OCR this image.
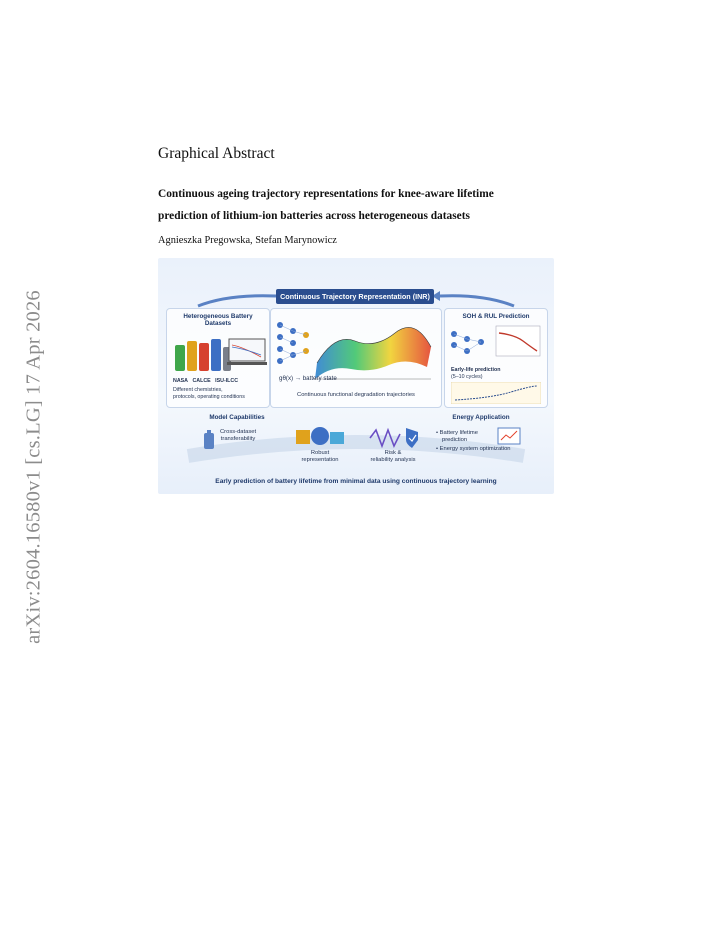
arXiv:2604.16580v1 [cs.LG] 17 Apr 2026
Graphical Abstract
Continuous ageing trajectory representations for knee-aware lifetime
prediction of lithium-ion batteries across heterogeneous datasets
Agnieszka Pregowska, Stefan Marynowicz
Continuous Trajectory Representation (INR)
Heterogeneous Battery
Datasets
NASA CALCE ISU-ILCC
Different chemistries,
protocols, operating conditions
gθ(x) → battery state
Continuous functional degradation trajectories
SOH & RUL Prediction
Early-life prediction
(5–10 cycles)
Model Capabilities	Energy Application
Cross-dataset
transferability
Robust
representation
Risk &
reliability analysis
• Battery lifetime
prediction
• Energy system optimization
Early prediction of battery lifetime from minimal data using continuous trajectory learning
